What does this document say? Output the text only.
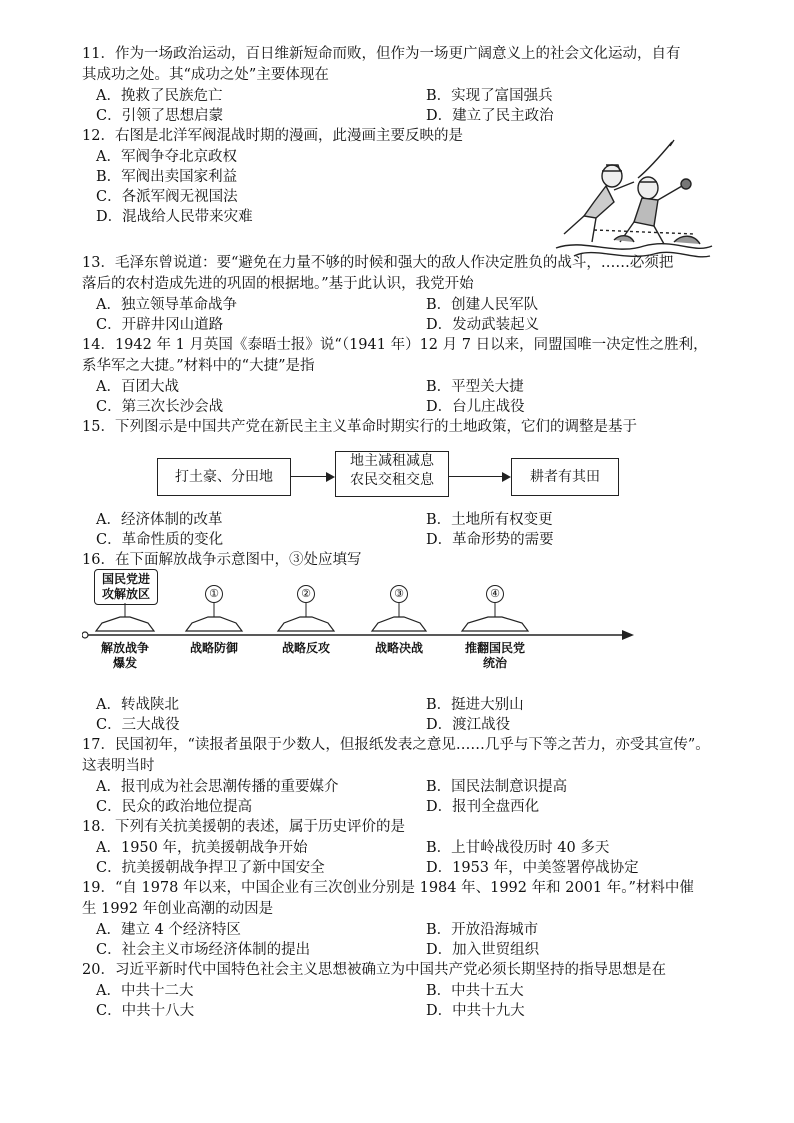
11．作为一场政治运动，百日维新短命而败，但作为一场更广阔意义上的社会文化运动，自有
其成功之处。其“成功之处”主要体现在
A．挽救了民族危亡	B．实现了富国强兵
C．引领了思想启蒙	D．建立了民主政治
12．右图是北洋军阀混战时期的漫画，此漫画主要反映的是
A．军阀争夺北京政权
B．军阀出卖国家利益
C．各派军阀无视国法
D．混战给人民带来灾难
13．毛泽东曾说道：要“避免在力量不够的时候和强大的敌人作决定胜负的战斗，……必须把
落后的农村造成先进的巩固的根据地。”基于此认识，我党开始
A．独立领导革命战争	B．创建人民军队
C．开辟井冈山道路	D．发动武装起义
14．1942 年 1 月英国《泰晤士报》说“（1941 年）12 月 7 日以来，同盟国唯一决定性之胜利，
系华军之大捷。”材料中的“大捷”是指
A．百团大战	B．平型关大捷
C．第三次长沙会战	D．台儿庄战役
15．下列图示是中国共产党在新民主主义革命时期实行的土地政策，它们的调整是基于
打土豪、分田地
地主减租减息
农民交租交息	耕者有其田
A．经济体制的改革	B．土地所有权变更
C．革命性质的变化	D．革命形势的需要
16．在下面解放战争示意图中，③处应填写
国民党进
攻解放区	①	②	③	④
解放战争
爆发
战略防御	战略反攻	战略决战	推翻国民党
统治
A．转战陕北	B．挺进大别山
C．三大战役	D．渡江战役
17．民国初年，“读报者虽限于少数人，但报纸发表之意见……几乎与下等之苦力，亦受其宣传”。
这表明当时
A．报刊成为社会思潮传播的重要媒介	B．国民法制意识提高
C．民众的政治地位提高	D．报刊全盘西化
18．下列有关抗美援朝的表述，属于历史评价的是
A．1950 年，抗美援朝战争开始	B．上甘岭战役历时 40 多天
C．抗美援朝战争捍卫了新中国安全	D．1953 年，中美签署停战协定
19．“自 1978 年以来，中国企业有三次创业分别是 1984 年、1992 年和 2001 年。”材料中催
生 1992 年创业高潮的动因是
A．建立 4 个经济特区	B．开放沿海城市
C．社会主义市场经济体制的提出	D．加入世贸组织
20．习近平新时代中国特色社会主义思想被确立为中国共产党必须长期坚持的指导思想是在
A．中共十二大	B．中共十五大
C．中共十八大	D．中共十九大
